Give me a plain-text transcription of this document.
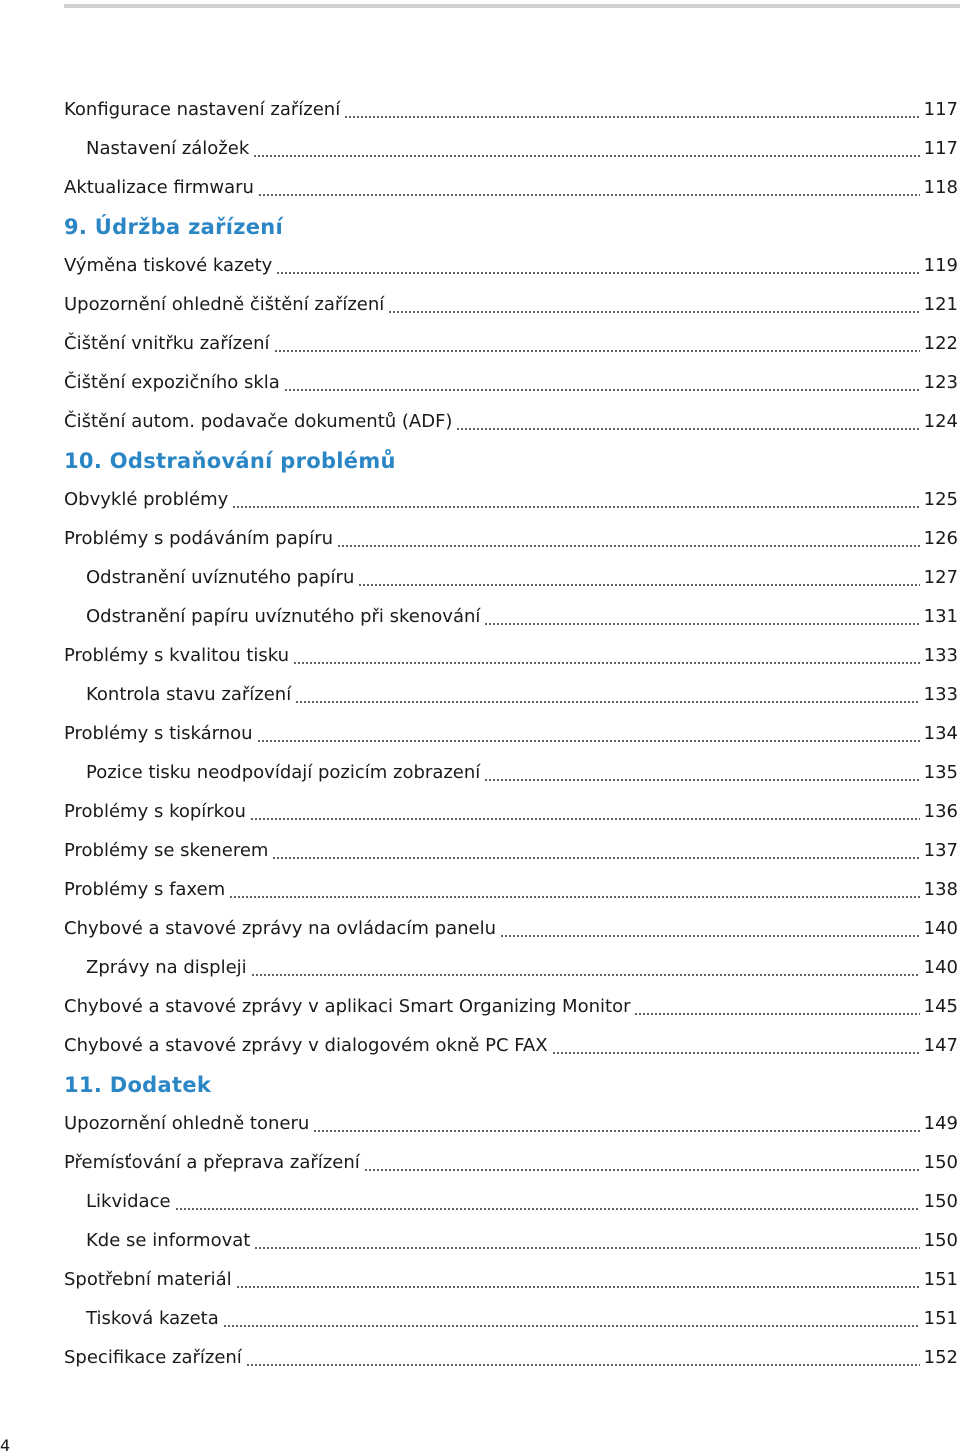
Konfigurace nastavení zařízení	117
Nastavení záložek	117
Aktualizace firmwaru	118
9. Údržba zařízení
Výměna tiskové kazety	119
Upozornění ohledně čištění zařízení	121
Čištění vnitřku zařízení	122
Čištění expozičního skla	123
Čištění autom. podavače dokumentů (ADF)	124
10. Odstraňování problémů
Obvyklé problémy	125
Problémy s podáváním papíru	126
Odstranění uvíznutého papíru	127
Odstranění papíru uvíznutého při skenování	131
Problémy s kvalitou tisku	133
Kontrola stavu zařízení	133
Problémy s tiskárnou	134
Pozice tisku neodpovídají pozicím zobrazení	135
Problémy s kopírkou	136
Problémy se skenerem	137
Problémy s faxem	138
Chybové a stavové zprávy na ovládacím panelu	140
Zprávy na displeji	140
Chybové a stavové zprávy v aplikaci Smart Organizing Monitor	145
Chybové a stavové zprávy v dialogovém okně PC FAX	147
11. Dodatek
Upozornění ohledně toneru	149
Přemísťování a přeprava zařízení	150
Likvidace	150
Kde se informovat	150
Spotřební materiál	151
Tisková kazeta	151
Specifikace zařízení	152
4
